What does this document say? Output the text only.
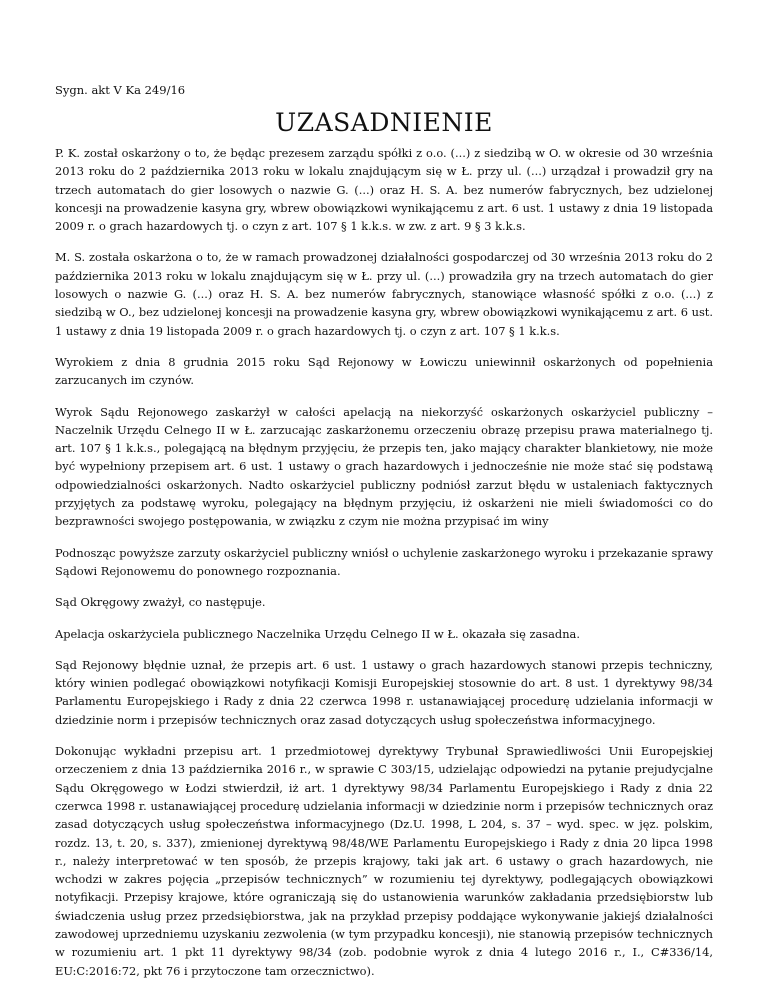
Sygn. akt V Ka 249/16

UZASADNIENIE

P. K. został oskarżony o to, że będąc prezesem zarządu spółki z o.o. (...) z siedzibą w O. w okresie od 30 września 2013 roku do 2 października 2013 roku w lokalu znajdującym się w Ł. przy ul. (...) urządzał i prowadził gry na trzech automatach do gier losowych o nazwie G. (...) oraz H. S. A. bez numerów fabrycznych, bez udzielonej koncesji na prowadzenie kasyna gry, wbrew obowiązkowi wynikającemu z art. 6 ust. 1 ustawy z dnia 19 listopada 2009 r. o grach hazardowych tj. o czyn z art. 107 § 1 k.k.s. w zw. z art. 9 § 3 k.k.s.

M. S. została oskarżona o to, że w ramach prowadzonej działalności gospodarczej od 30 września 2013 roku do 2 października 2013 roku w lokalu znajdującym się w Ł. przy ul. (...) prowadziła gry na trzech automatach do gier losowych o nazwie G. (...) oraz H. S. A. bez numerów fabrycznych, stanowiące własność spółki z o.o. (...) z siedzibą w O., bez udzielonej koncesji na prowadzenie kasyna gry, wbrew obowiązkowi wynikającemu z art. 6 ust. 1 ustawy z dnia 19 listopada 2009 r. o grach hazardowych tj. o czyn z art. 107 § 1 k.k.s.

Wyrokiem z dnia 8 grudnia 2015 roku Sąd Rejonowy w Łowiczu uniewinnił oskarżonych od popełnienia zarzucanych im czynów.

Wyrok Sądu Rejonowego zaskarżył w całości apelacją na niekorzyść oskarżonych oskarżyciel publiczny – Naczelnik Urzędu Celnego II w Ł. zarzucając zaskarżonemu orzeczeniu obrazę przepisu prawa materialnego tj. art. 107 § 1 k.k.s., polegającą na błędnym przyjęciu, że przepis ten, jako mający charakter blankietowy, nie może być wypełniony przepisem art. 6 ust. 1 ustawy o grach hazardowych i jednocześnie nie może stać się podstawą odpowiedzialności oskarżonych. Nadto oskarżyciel publiczny podniósł zarzut błędu w ustaleniach faktycznych przyjętych za podstawę wyroku, polegający na błędnym przyjęciu, iż oskarżeni nie mieli świadomości co do bezprawności swojego postępowania, w związku z czym nie można przypisać im winy

Podnosząc powyższe zarzuty oskarżyciel publiczny wniósł o uchylenie zaskarżonego wyroku i przekazanie sprawy Sądowi Rejonowemu do ponownego rozpoznania.

Sąd Okręgowy zważył, co następuje.

Apelacja oskarżyciela publicznego Naczelnika Urzędu Celnego II w Ł. okazała się zasadna.

Sąd Rejonowy błędnie uznał, że przepis art. 6 ust. 1 ustawy o grach hazardowych stanowi przepis techniczny, który winien podlegać obowiązkowi notyfikacji Komisji Europejskiej stosownie do art. 8 ust. 1 dyrektywy 98/34 Parlamentu Europejskiego i Rady z dnia 22 czerwca 1998 r. ustanawiającej procedurę udzielania informacji w dziedzinie norm i przepisów technicznych oraz zasad dotyczących usług społeczeństwa informacyjnego.

Dokonując wykładni przepisu art. 1 przedmiotowej dyrektywy Trybunał Sprawiedliwości Unii Europejskiej orzeczeniem z dnia 13 października 2016 r., w sprawie C 303/15, udzielając odpowiedzi na pytanie prejudycjalne Sądu Okręgowego w Łodzi stwierdził, iż art. 1 dyrektywy 98/34 Parlamentu Europejskiego i Rady z dnia 22 czerwca 1998 r. ustanawiającej procedurę udzielania informacji w dziedzinie norm i przepisów technicznych oraz zasad dotyczących usług społeczeństwa informacyjnego (Dz.U. 1998, L 204, s. 37 – wyd. spec. w jęz. polskim, rozdz. 13, t. 20, s. 337), zmienionej dyrektywą 98/48/WE Parlamentu Europejskiego i Rady z dnia 20 lipca 1998 r., należy interpretować w ten sposób, że przepis krajowy, taki jak art. 6 ustawy o grach hazardowych, nie wchodzi w zakres pojęcia „przepisów technicznych” w rozumieniu tej dyrektywy, podlegających obowiązkowi notyfikacji. Przepisy krajowe, które ograniczają się do ustanowienia warunków zakładania przedsiębiorstw lub świadczenia usług przez przedsiębiorstwa, jak na przykład przepisy poddające wykonywanie jakiejś działalności zawodowej uprzedniemu uzyskaniu zezwolenia (w tym przypadku koncesji), nie stanowią przepisów technicznych w rozumieniu art. 1 pkt 11 dyrektywy 98/34 (zob. podobnie wyrok z dnia 4 lutego 2016 r., I., C#336/14, EU:C:2016:72, pkt 76 i przytoczone tam orzecznictwo).
